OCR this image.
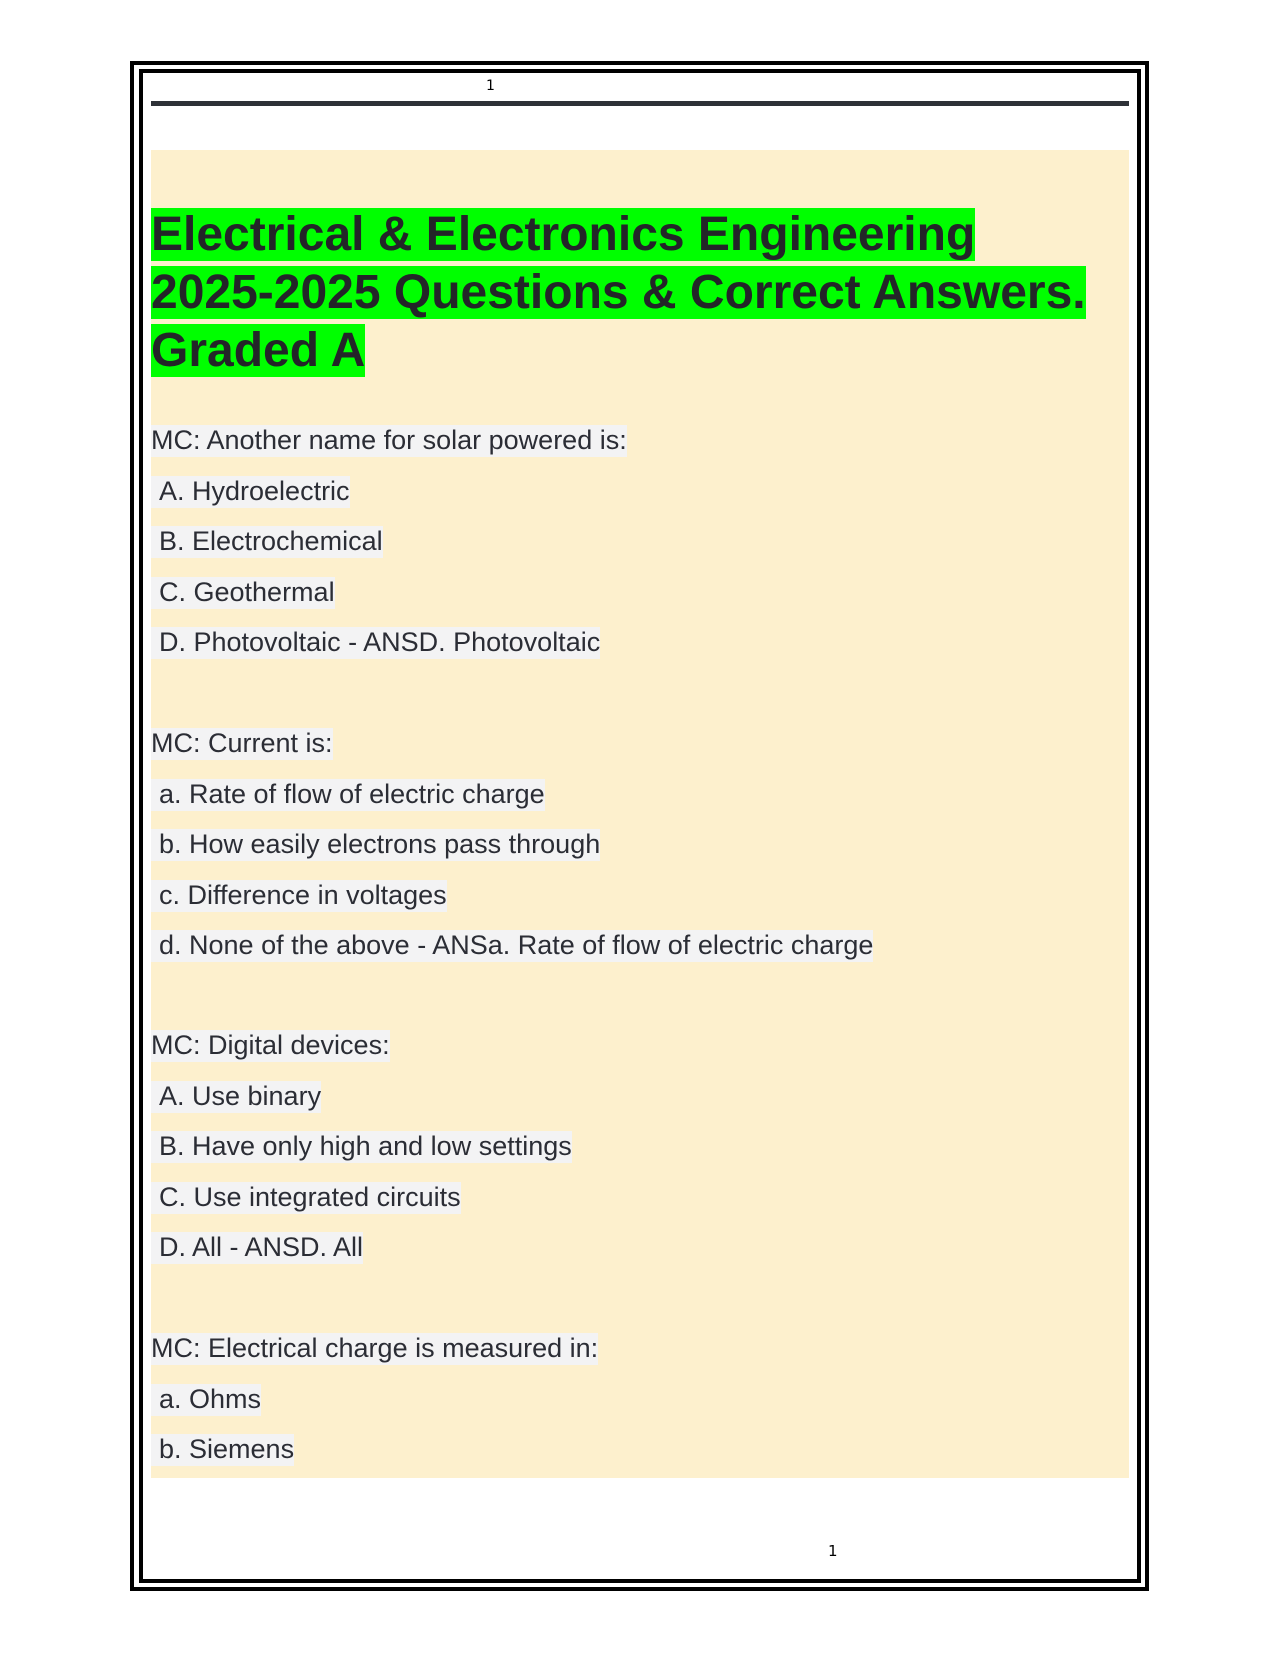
1
Electrical & Electronics Engineering
2025-2025 Questions & Correct Answers.
Graded A
MC: Another name for solar powered is:
A. Hydroelectric
B. Electrochemical
C. Geothermal
D. Photovoltaic - ANSD. Photovoltaic
MC: Current is:
a. Rate of flow of electric charge
b. How easily electrons pass through
c. Difference in voltages
d. None of the above - ANSa. Rate of flow of electric charge
MC: Digital devices:
A. Use binary
B. Have only high and low settings
C. Use integrated circuits
D. All - ANSD. All
MC: Electrical charge is measured in:
a. Ohms
b. Siemens
1
